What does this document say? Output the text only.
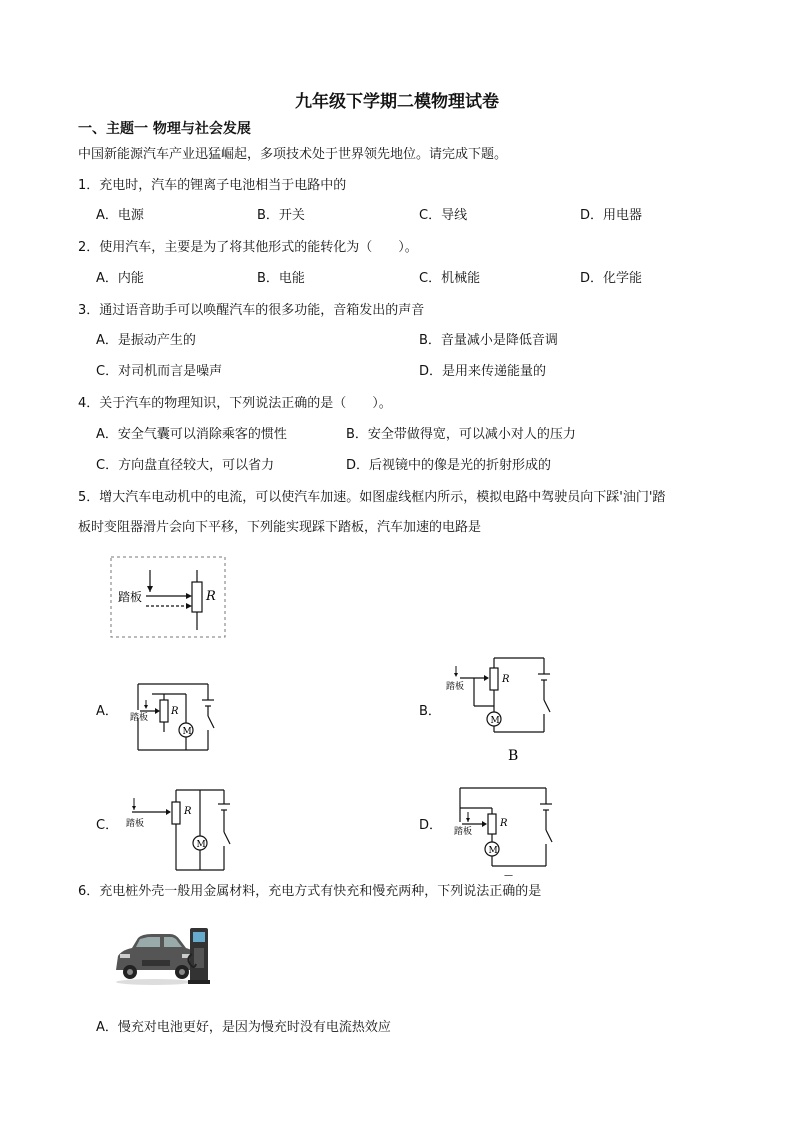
九年级下学期二模物理试卷
一、主题一 物理与社会发展
中国新能源汽车产业迅猛崛起，多项技术处于世界领先地位。请完成下题。
1．充电时，汽车的锂离子电池相当于电路中的
A．电源	B．开关	C．导线	D．用电器
2．使用汽车，主要是为了将其他形式的能转化为（　　）。
A．内能	B．电能	C．机械能	D．化学能
3．通过语音助手可以唤醒汽车的很多功能，音箱发出的声音
A．是振动产生的	B．音量减小是降低音调
C．对司机而言是噪声	D．是用来传递能量的
4．关于汽车的物理知识，下列说法正确的是（　　）。
A．安全气囊可以消除乘客的惯性	B．安全带做得宽，可以减小对人的压力
C．方向盘直径较大，可以省力	D．后视镜中的像是光的折射形成的
5．增大汽车电动机中的电流，可以使汽车加速。如图虚线框内所示，模拟电路中驾驶员向下踩'油门'踏
板时变阻器滑片会向下平移，下列能实现踩下踏板，汽车加速的电路是
踏板	R
A．	B．
C．	D．
踏板
R
M
踏板
R
M
B
踏板
R
M
踏板
R
M
—
6．充电桩外壳一般用金属材料，充电方式有快充和慢充两种，下列说法正确的是
A．慢充对电池更好，是因为慢充时没有电流热效应
